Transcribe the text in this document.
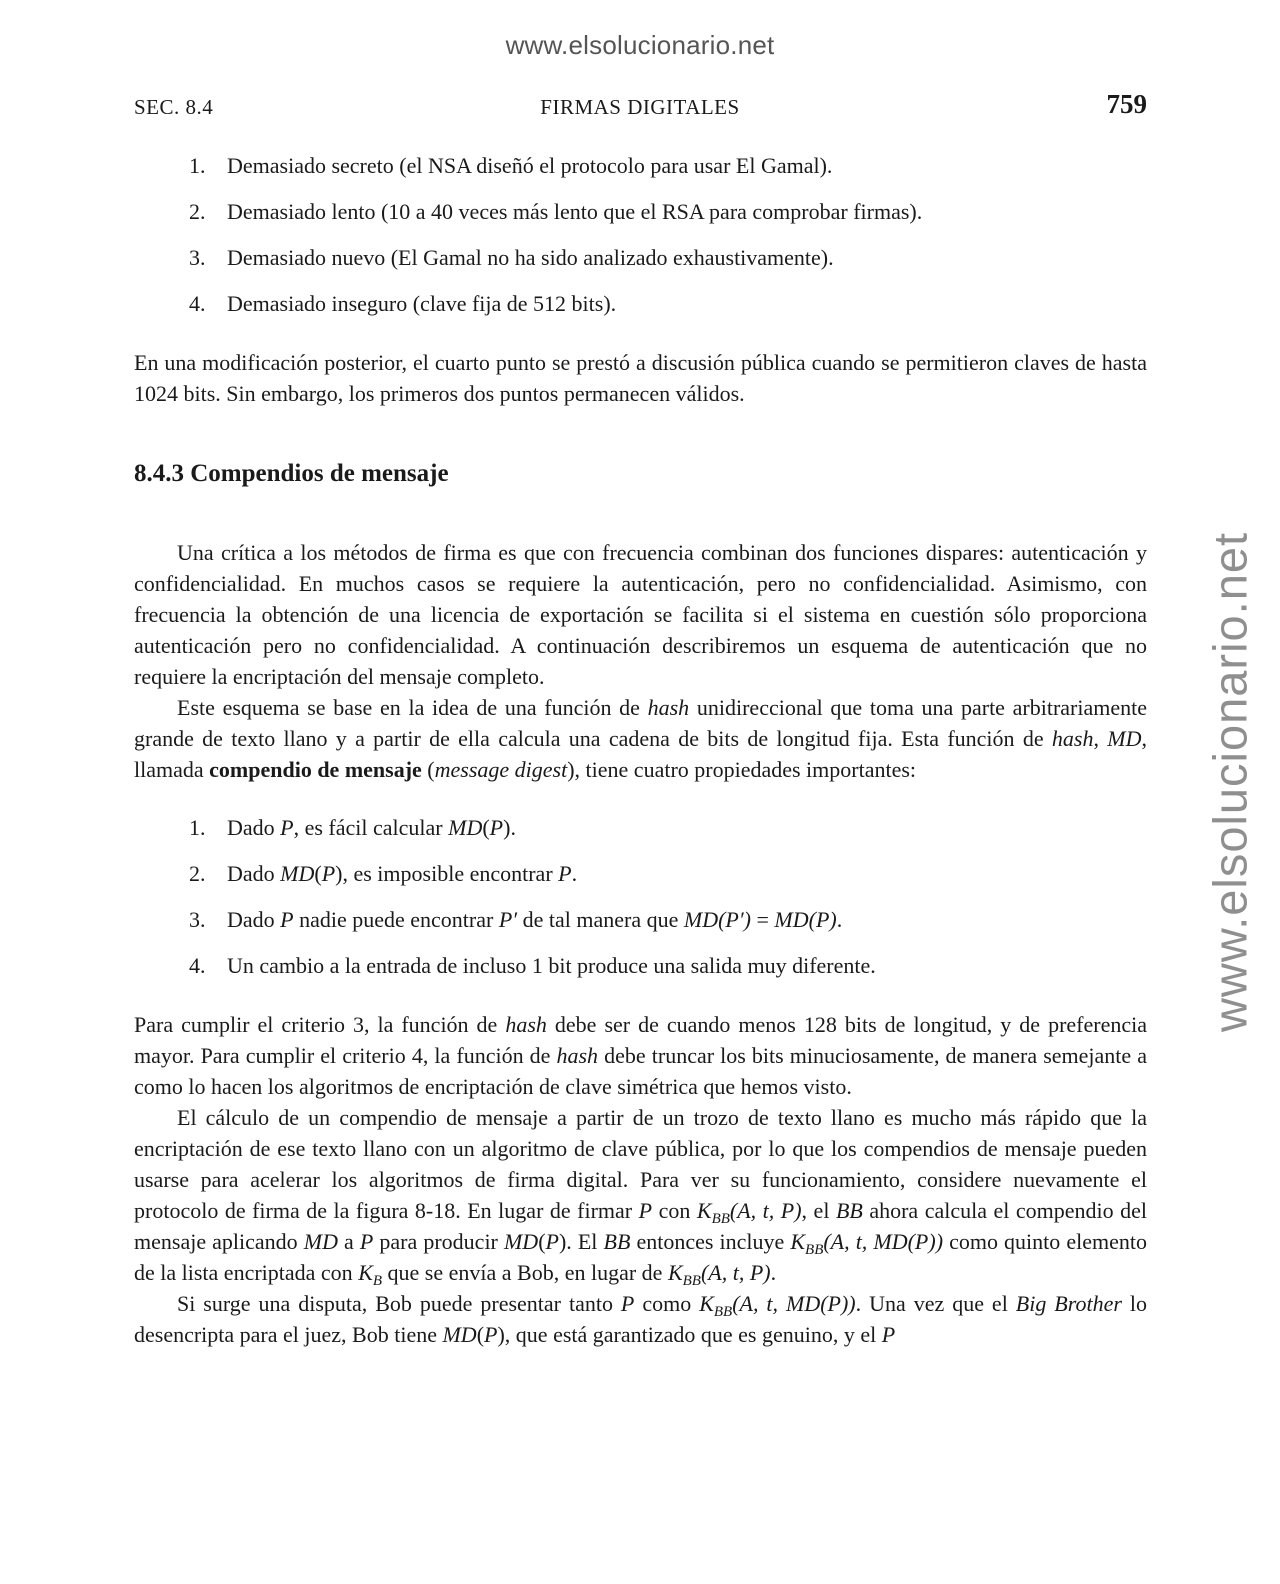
www.elsolucionario.net
www.elsolucionario.net
SEC. 8.4	FIRMAS DIGITALES	759
1. Demasiado secreto (el NSA diseñó el protocolo para usar El Gamal).
2. Demasiado lento (10 a 40 veces más lento que el RSA para comprobar firmas).
3. Demasiado nuevo (El Gamal no ha sido analizado exhaustivamente).
4. Demasiado inseguro (clave fija de 512 bits).

En una modificación posterior, el cuarto punto se prestó a discusión pública cuando se permitieron claves de hasta 1024 bits. Sin embargo, los primeros dos puntos permanecen válidos.

8.4.3 Compendios de mensaje

Una crítica a los métodos de firma es que con frecuencia combinan dos funciones dispares: autenticación y confidencialidad. En muchos casos se requiere la autenticación, pero no confidencialidad. Asimismo, con frecuencia la obtención de una licencia de exportación se facilita si el sistema en cuestión sólo proporciona autenticación pero no confidencialidad. A continuación describiremos un esquema de autenticación que no requiere la encriptación del mensaje completo.

Este esquema se base en la idea de una función de hash unidireccional que toma una parte arbitrariamente grande de texto llano y a partir de ella calcula una cadena de bits de longitud fija. Esta función de hash, MD, llamada compendio de mensaje (message digest), tiene cuatro propiedades importantes:

1. Dado P, es fácil calcular MD(P).
2. Dado MD(P), es imposible encontrar P.
3. Dado P nadie puede encontrar P′ de tal manera que MD(P′) = MD(P).
4. Un cambio a la entrada de incluso 1 bit produce una salida muy diferente.

Para cumplir el criterio 3, la función de hash debe ser de cuando menos 128 bits de longitud, y de preferencia mayor. Para cumplir el criterio 4, la función de hash debe truncar los bits minuciosamente, de manera semejante a como lo hacen los algoritmos de encriptación de clave simétrica que hemos visto.

El cálculo de un compendio de mensaje a partir de un trozo de texto llano es mucho más rápido que la encriptación de ese texto llano con un algoritmo de clave pública, por lo que los compendios de mensaje pueden usarse para acelerar los algoritmos de firma digital. Para ver su funcionamiento, considere nuevamente el protocolo de firma de la figura 8-18. En lugar de firmar P con $K_{BB}(A$, t, P), el BB ahora calcula el compendio del mensaje aplicando MD a P para producir MD(P). El BB entonces incluye $K_{BB}(A$, t, MD(P)) como quinto elemento de la lista encriptada con $K_B$ que se envía a Bob, en lugar de $K_{BB}(A$, t, P).

Si surge una disputa, Bob puede presentar tanto P como $K_{BB}(A$, t, MD(P)). Una vez que el Big Brother lo desencripta para el juez, Bob tiene MD(P), que está garantizado que es genuino, y el P
